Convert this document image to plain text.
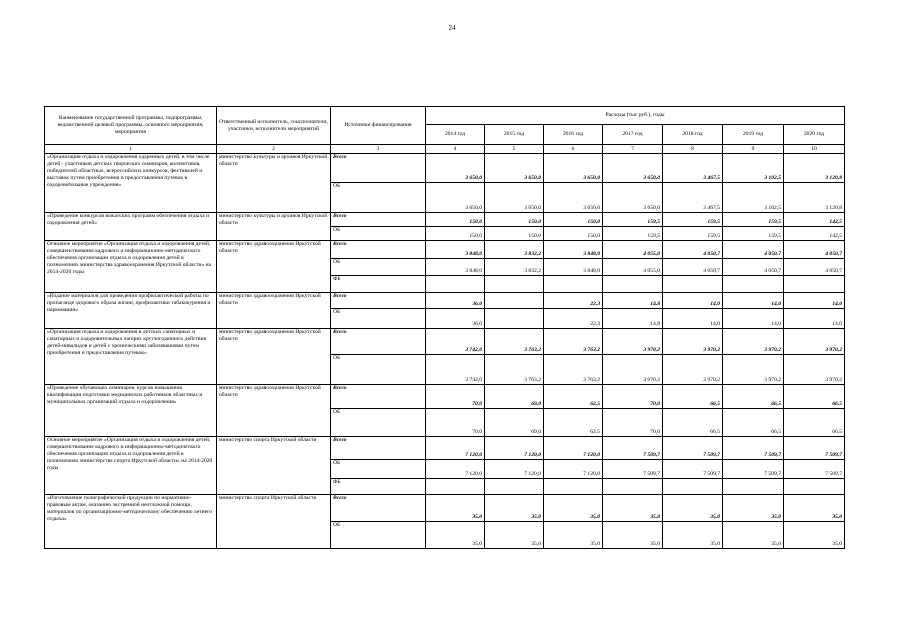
24
Наименование государственной программы, подпрограммы, ведомственной целевой программы, основного мероприятия, мероприятия	Ответственный исполнитель, соисполнители, участники, исполнители мероприятий	Источники финансирования	Расходы (тыс руб.), годы						
			2014 год	2015 год	2016 год	2017 год	2018 год	2019 год	2020 год
1	2	3	4	5	6	7	8	9	10
«Организация отдыха и оздоровления одаренных детей, в том числе детей - участников детских творческих семинаров, коллективов, победителей областных, всероссийских конкурсов, фестивалей и выставок путем приобретения и предоставления путевок в оздоровительные учреждения»	министерство культуры и архивов Иркутской области	Всего	3 650,0	3 650,0	3 650,0	3 650,0	3 467,5	3 102,5	3 120,8
		ОБ	3 650,0	3 650,0	3 650,0	3 650,0	3 467,5	3 102,5	3 120,8
«Проведение конкурсов вожатских программ обеспечения отдыха и оздоровления детей»	министерство культуры и архивов Иркутской области	Всего	150,0	150,0	150,0	159,5	159,5	159,5	142,5
		ОБ	150,0	150,0	150,0	159,5	159,5	159,5	142,5
Основное мероприятие «Организация отдыха и оздоровления детей, совершенствование кадрового и информационно-методического обеспечения организации отдыха и оздоровления детей в полномочиях министерства здравоохранения Иркутской области» на 2014-2020 годы	министерство здравоохранения Иркутской области	Всего	3 848,0	3 832,2	3 848,0	4 055,0	4 050,7	4 050,7	4 050,7
		ОБ	3 848,0	3 832,2	3 848,0	4 055,0	4 050,7	4 050,7	4 050,7
		ФБ							
«Издание материалов для проведения профилактической работы по пропаганде здорового образа жизни, профилактики табакокурения и наркомании»	министерство здравоохранения Иркутской области	Всего	36,0		22,3	14,8	14,0	14,0	14,0
		ОБ	36,0		22,3	14,8	14,0	14,0	14,0
«Организация отдыха и оздоровления в детских санаторных и санаторных и оздоровительных лагерях круглогодичного действия детей-инвалидов и детей с хроническими заболеваниями путем приобретения и предоставления путевок»	министерство здравоохранения Иркутской области	Всего	3 742,0	3 763,2	3 763,2	3 970,2	3 970,2	3 970,2	3 970,2
		ОБ	3 742,0	3 763,2	3 763,2	3 970,2	3 970,2	3 970,2	3 970,2
«Проведение обучающих семинаров, курсов повышения квалификации подготовки медицинских работников областных и муниципальных организаций отдыха и оздоровления»	министерство здравоохранения Иркутской области	Всего	70,0	69,0	62,5	70,0	66,5	66,5	66,5
		ОБ	70,0	69,0	62,5	70,0	66,5	66,5	66,5
Основное мероприятие «Организация отдыха и оздоровления детей, совершенствование кадрового и информационно-методического обеспечения организации отдыха и оздоровления детей в полномочиях министерства спорта Иркутской области» на 2014-2020 годы	министерство спорта Иркутской области	Всего	7 120,0	7 120,0	7 120,0	7 509,7	7 509,7	7 509,7	7 509,7
		ОБ	7 120,0	7 120,0	7 120,0	7 509,7	7 509,7	7 509,7	7 509,7
		ФБ							
«Изготовление полиграфической продукции по нормативно-правовым актам, оказанию экстренной неотложной помощи, материалов по организационно-методическому обеспечению летнего отдыха»	министерство спорта Иркутской области	Всего	35,0	35,0	35,0	35,0	35,0	35,0	35,0
		ОБ	35,0	35,0	35,0	35,0	35,0	35,0	35,0
